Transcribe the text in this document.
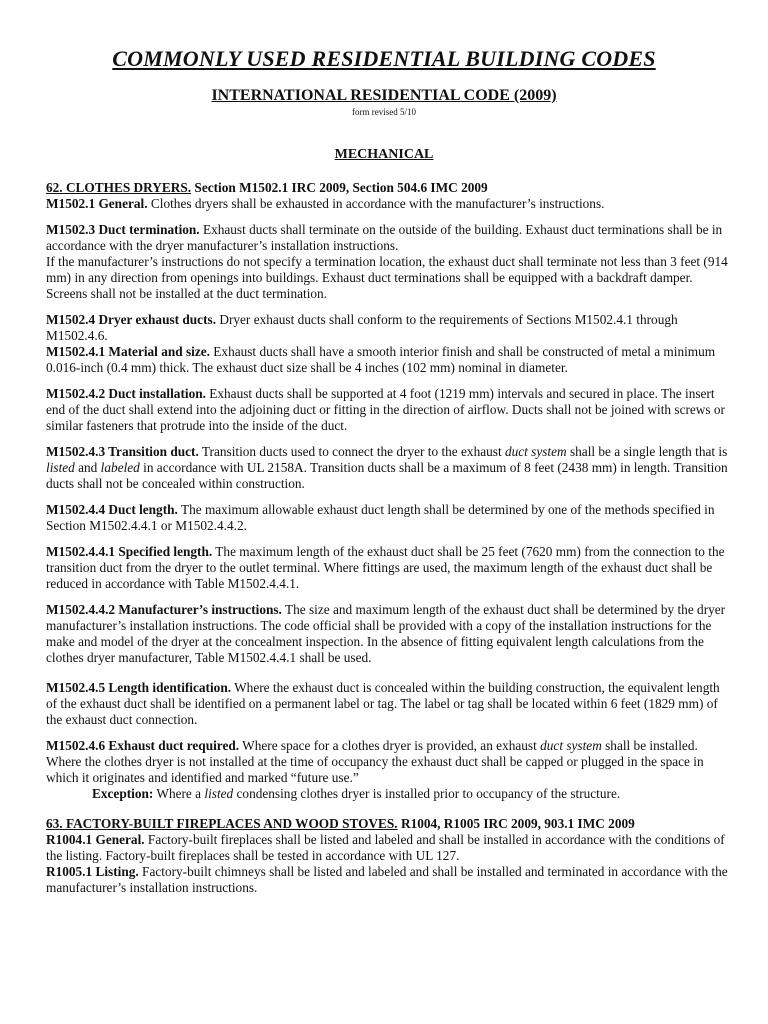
COMMONLY USED RESIDENTIAL BUILDING CODES
INTERNATIONAL RESIDENTIAL CODE (2009)
form revised 5/10
MECHANICAL

62. CLOTHES DRYERS. Section M1502.1 IRC 2009, Section 504.6 IMC 2009

M1502.1 General. Clothes dryers shall be exhausted in accordance with the manufacturer’s instructions.

M1502.3 Duct termination. Exhaust ducts shall terminate on the outside of the building. Exhaust duct terminations shall be in accordance with the dryer manufacturer’s installation instructions.

If the manufacturer’s instructions do not specify a termination location, the exhaust duct shall terminate not less than 3 feet (914 mm) in any direction from openings into buildings. Exhaust duct terminations shall be equipped with a backdraft damper. Screens shall not be installed at the duct termination.

M1502.4 Dryer exhaust ducts. Dryer exhaust ducts shall conform to the requirements of Sections M1502.4.1 through M1502.4.6.

M1502.4.1 Material and size. Exhaust ducts shall have a smooth interior finish and shall be constructed of metal a minimum 0.016-inch (0.4 mm) thick. The exhaust duct size shall be 4 inches (102 mm) nominal in diameter.

M1502.4.2 Duct installation. Exhaust ducts shall be supported at 4 foot (1219 mm) intervals and secured in place. The insert end of the duct shall extend into the adjoining duct or fitting in the direction of airflow. Ducts shall not be joined with screws or similar fasteners that protrude into the inside of the duct.

M1502.4.3 Transition duct. Transition ducts used to connect the dryer to the exhaust duct system shall be a single length that is listed and labeled in accordance with UL 2158A. Transition ducts shall be a maximum of 8 feet (2438 mm) in length. Transition ducts shall not be concealed within construction.

M1502.4.4 Duct length. The maximum allowable exhaust duct length shall be determined by one of the methods specified in Section M1502.4.4.1 or M1502.4.4.2.

M1502.4.4.1 Specified length. The maximum length of the exhaust duct shall be 25 feet (7620 mm) from the connection to the transition duct from the dryer to the outlet terminal. Where fittings are used, the maximum length of the exhaust duct shall be reduced in accordance with Table M1502.4.4.1.

M1502.4.4.2 Manufacturer’s instructions. The size and maximum length of the exhaust duct shall be determined by the dryer manufacturer’s installation instructions. The code official shall be provided with a copy of the installation instructions for the make and model of the dryer at the concealment inspection. In the absence of fitting equivalent length calculations from the clothes dryer manufacturer, Table M1502.4.4.1 shall be used.

M1502.4.5 Length identification. Where the exhaust duct is concealed within the building construction, the equivalent length of the exhaust duct shall be identified on a permanent label or tag. The label or tag shall be located within 6 feet (1829 mm) of the exhaust duct connection.

M1502.4.6 Exhaust duct required. Where space for a clothes dryer is provided, an exhaust duct system shall be installed. Where the clothes dryer is not installed at the time of occupancy the exhaust duct shall be capped or plugged in the space in which it originates and identified and marked “future use.”

Exception: Where a listed condensing clothes dryer is installed prior to occupancy of the structure.

63. FACTORY-BUILT FIREPLACES AND WOOD STOVES. R1004, R1005 IRC 2009, 903.1 IMC 2009

R1004.1 General. Factory-built fireplaces shall be listed and labeled and shall be installed in accordance with the conditions of the listing. Factory-built fireplaces shall be tested in accordance with UL 127.

R1005.1 Listing. Factory-built chimneys shall be listed and labeled and shall be installed and terminated in accordance with the manufacturer’s installation instructions.
